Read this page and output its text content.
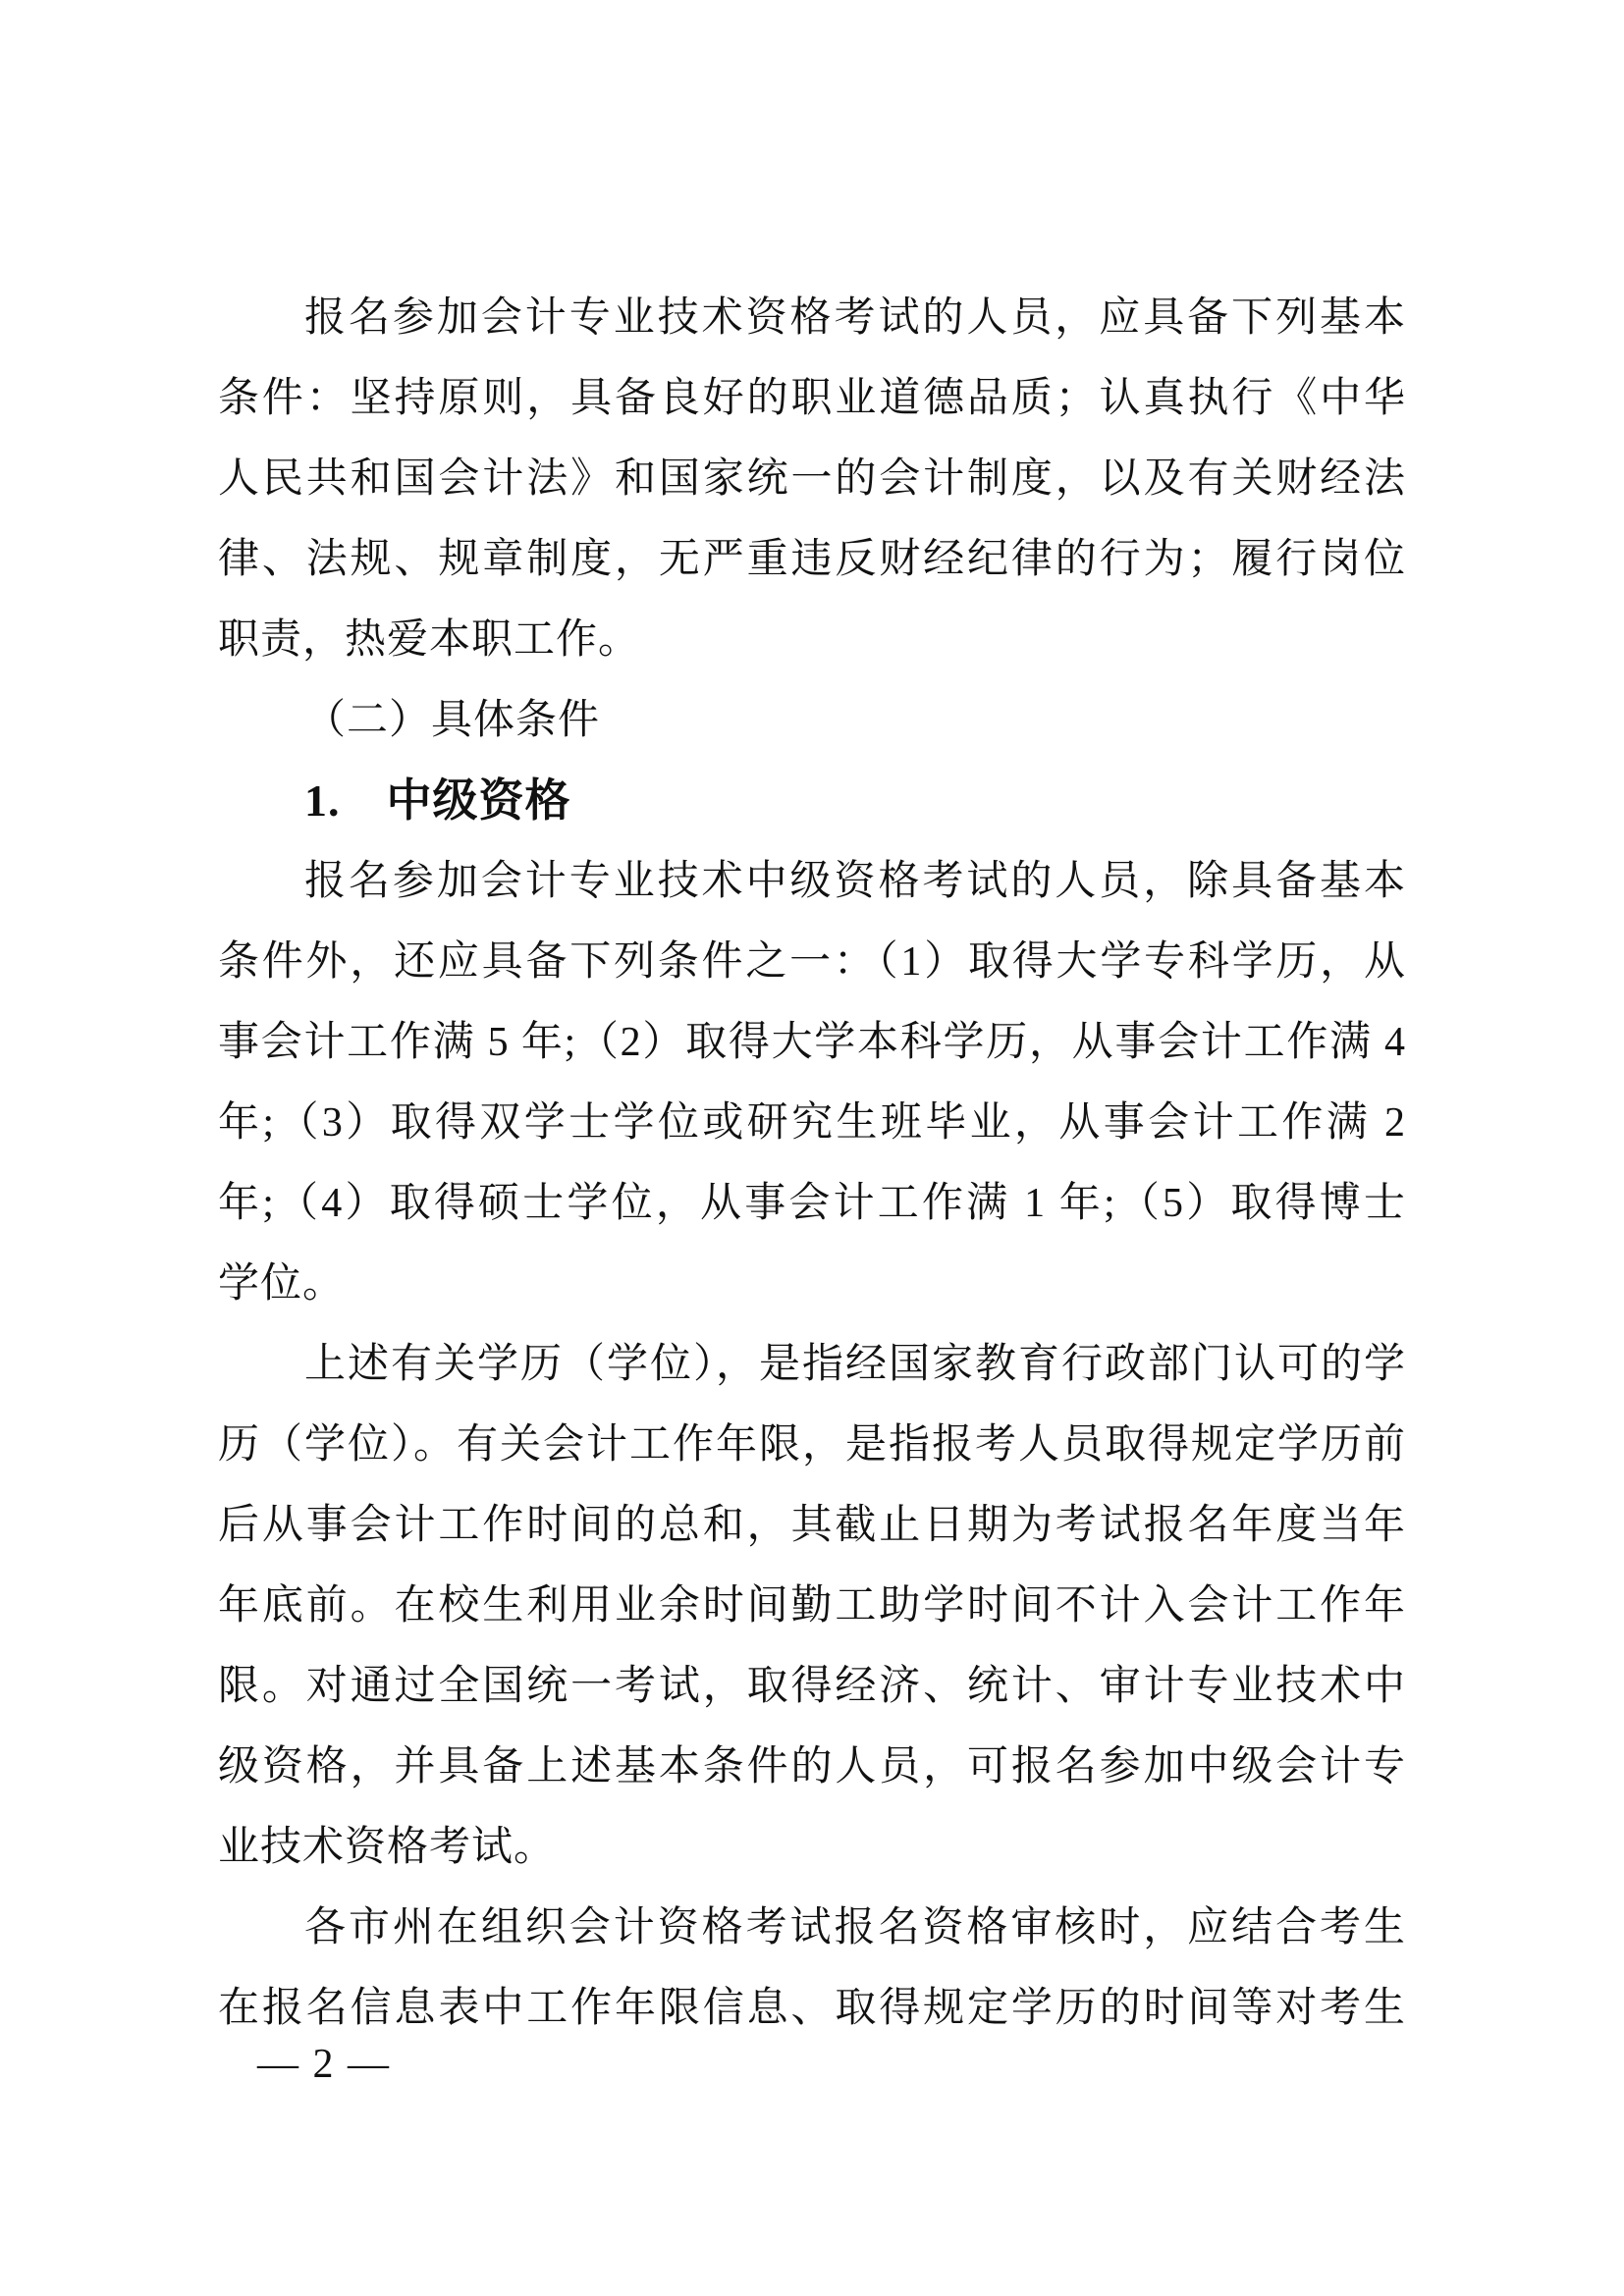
报名参加会计专业技术资格考试的人员，应具备下列基本
条件：坚持原则，具备良好的职业道德品质；认真执行《中华
人民共和国会计法》和国家统一的会计制度，以及有关财经法
律、法规、规章制度，无严重违反财经纪律的行为；履行岗位
职责，热爱本职工作。
（二）具体条件
1.　中级资格
报名参加会计专业技术中级资格考试的人员，除具备基本
条件外，还应具备下列条件之一：（1）取得大学专科学历，从
事会计工作满 5 年;（2）取得大学本科学历，从事会计工作满 4
年;（3）取得双学士学位或研究生班毕业，从事会计工作满 2
年;（4）取得硕士学位，从事会计工作满 1 年;（5）取得博士
学位。
上述有关学历（学位），是指经国家教育行政部门认可的学
历（学位）。有关会计工作年限，是指报考人员取得规定学历前
后从事会计工作时间的总和，其截止日期为考试报名年度当年
年底前。在校生利用业余时间勤工助学时间不计入会计工作年
限。对通过全国统一考试，取得经济、统计、审计专业技术中
级资格，并具备上述基本条件的人员，可报名参加中级会计专
业技术资格考试。
各市州在组织会计资格考试报名资格审核时，应结合考生
在报名信息表中工作年限信息、取得规定学历的时间等对考生
— 2 —
